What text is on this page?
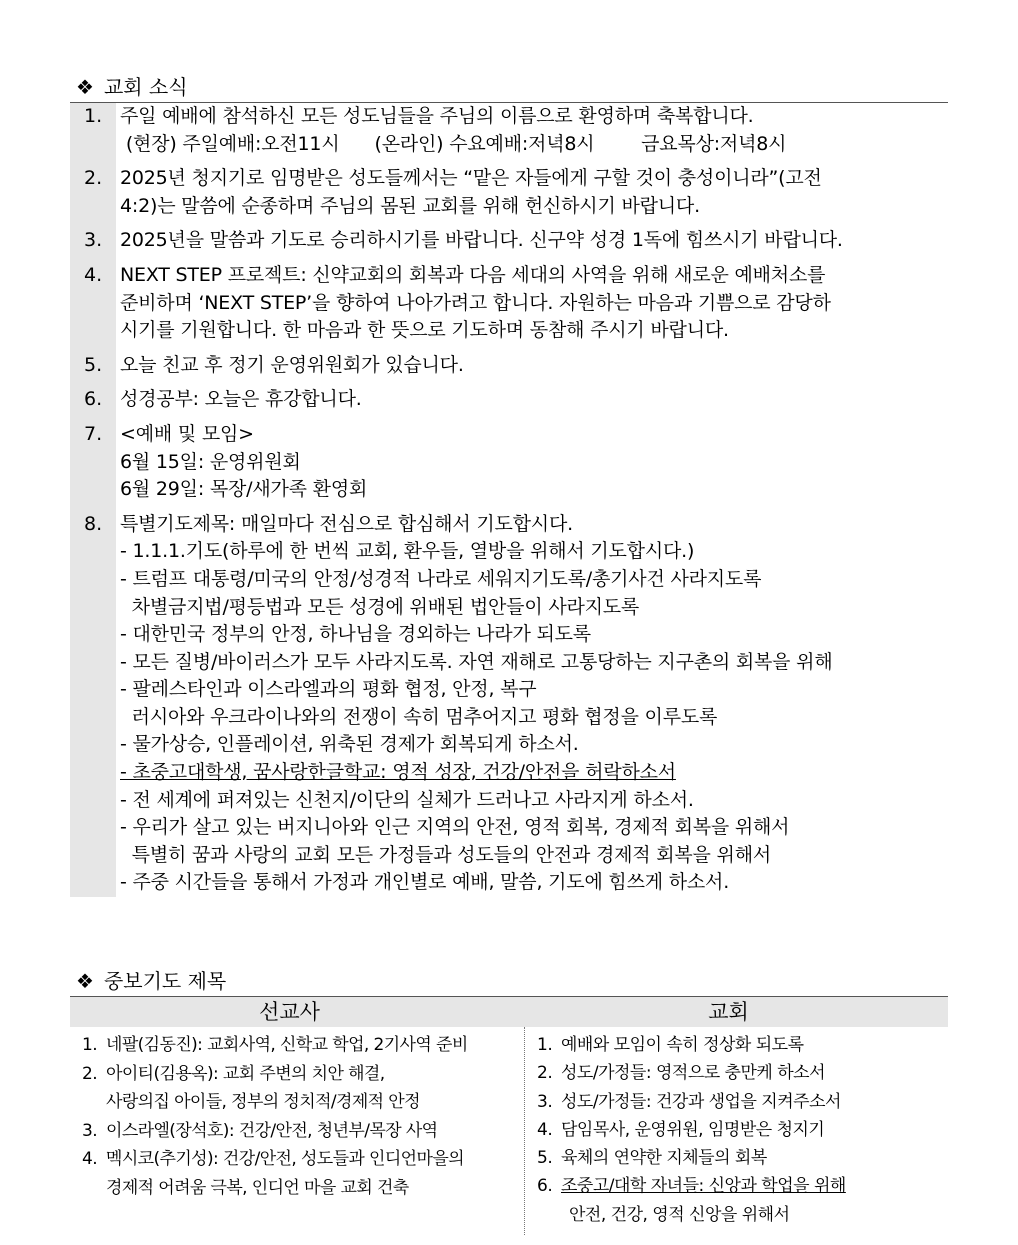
❖ 교회 소식
1. 주일 예배에 참석하신 모든 성도님들을 주님의 이름으로 환영하며 축복합니다.
(현장) 주일예배:오전11시      (온라인) 수요예배:저녁8시        금요목상:저녁8시
2. 2025년 청지기로 임명받은 성도들께서는 “맡은 자들에게 구할 것이 충성이니라”(고전
4:2)는 말씀에 순종하며 주님의 몸된 교회를 위해 헌신하시기 바랍니다.
3. 2025년을 말씀과 기도로 승리하시기를 바랍니다. 신구약 성경 1독에 힘쓰시기 바랍니다.
4. NEXT STEP 프로젝트: 신약교회의 회복과 다음 세대의 사역을 위해 새로운 예배처소를
준비하며 ‘NEXT STEP’을 향하여 나아가려고 합니다. 자원하는 마음과 기쁨으로 감당하
시기를 기원합니다. 한 마음과 한 뜻으로 기도하며 동참해 주시기 바랍니다.
5. 오늘 친교 후 정기 운영위원회가 있습니다.
6. 성경공부: 오늘은 휴강합니다.
7. <예배 및 모임>
6월 15일: 운영위원회
6월 29일: 목장/새가족 환영회
8. 특별기도제목: 매일마다 전심으로 합심해서 기도합시다.
- 1.1.1.기도(하루에 한 번씩 교회, 환우들, 열방을 위해서 기도합시다.)
- 트럼프 대통령/미국의 안정/성경적 나라로 세워지기도록/총기사건 사라지도록
차별금지법/평등법과 모든 성경에 위배된 법안들이 사라지도록
- 대한민국 정부의 안정, 하나님을 경외하는 나라가 되도록
- 모든 질병/바이러스가 모두 사라지도록. 자연 재해로 고통당하는 지구촌의 회복을 위해
- 팔레스타인과 이스라엘과의 평화 협정, 안정, 복구
러시아와 우크라이나와의 전쟁이 속히 멈추어지고 평화 협정을 이루도록
- 물가상승, 인플레이션, 위축된 경제가 회복되게 하소서.
- 초중고대학생, 꿈사랑한글학교: 영적 성장, 건강/안전을 허락하소서
- 전 세계에 퍼져있는 신천지/이단의 실체가 드러나고 사라지게 하소서.
- 우리가 살고 있는 버지니아와 인근 지역의 안전, 영적 회복, 경제적 회복을 위해서
특별히 꿈과 사랑의 교회 모든 가정들과 성도들의 안전과 경제적 회복을 위해서
- 주중 시간들을 통해서 가정과 개인별로 예배, 말씀, 기도에 힘쓰게 하소서.
❖ 중보기도 제목
선교사	교회
1. 네팔(김동진): 교회사역, 신학교 학업, 2기사역 준비
2. 아이티(김용옥): 교회 주변의 치안 해결,
사랑의집 아이들, 정부의 정치적/경제적 안정
3. 이스라엘(장석호): 건강/안전, 청년부/목장 사역
4. 멕시코(추기성): 건강/안전, 성도들과 인디언마을의
경제적 어려움 극복, 인디언 마을 교회 건축
1. 예배와 모임이 속히 정상화 되도록
2. 성도/가정들: 영적으로 충만케 하소서
3. 성도/가정들: 건강과 생업을 지켜주소서
4. 담임목사, 운영위원, 임명받은 청지기
5. 육체의 연약한 지체들의 회복
6. 조중고/대학 자녀들: 신앙과 학업을 위해
안전, 건강, 영적 신앙을 위해서
